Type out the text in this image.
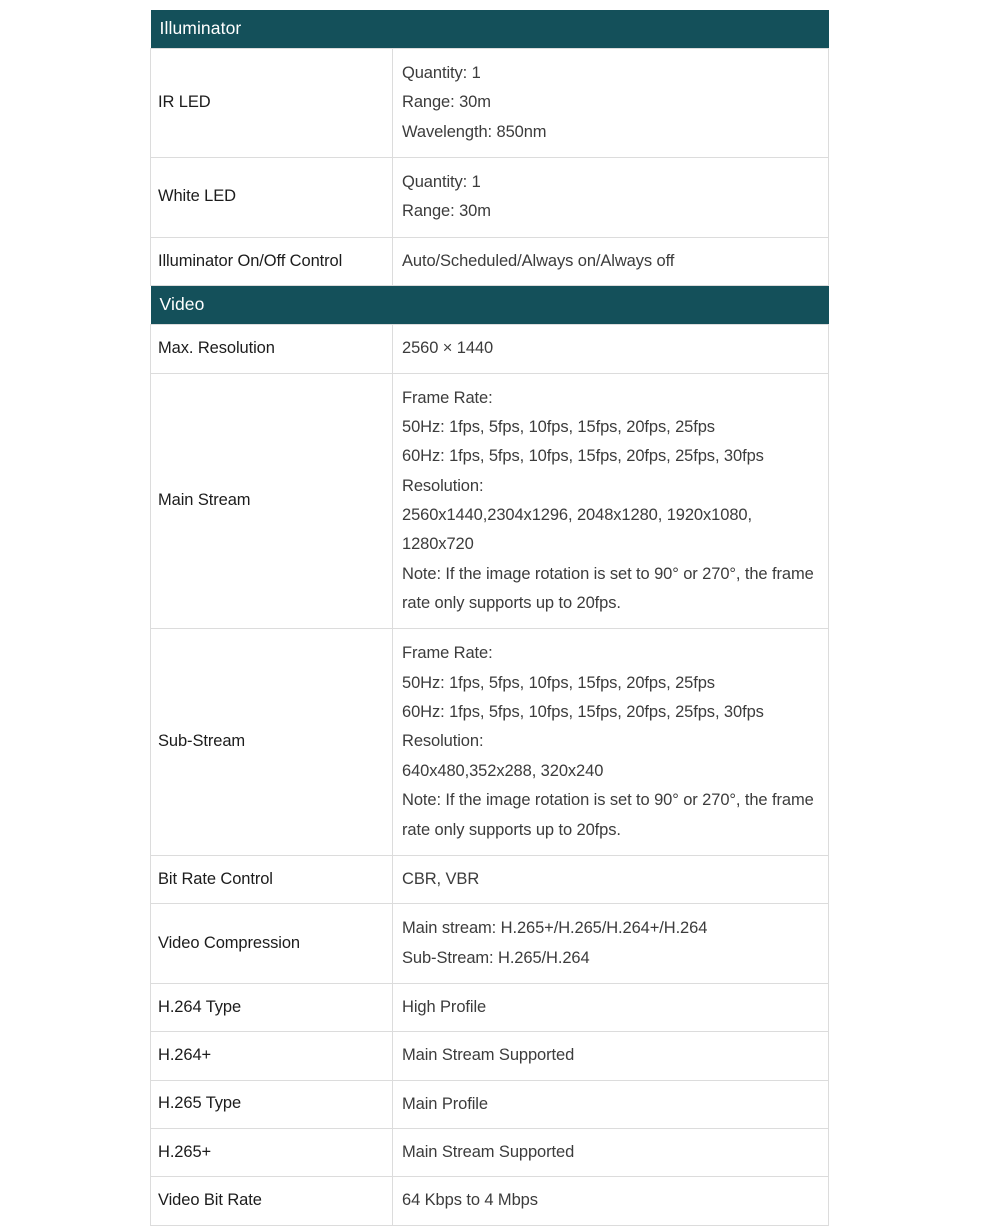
Illuminator	
IR LED	Quantity: 1
Range: 30m
Wavelength: 850nm

White LED	Quantity: 1
Range: 30m

Illuminator On/Off Control	Auto/Scheduled/Always on/Always off

Video	
Max. Resolution	2560 × 1440

Main Stream	
Frame Rate:
50Hz: 1fps, 5fps, 10fps, 15fps, 20fps, 25fps
60Hz: 1fps, 5fps, 10fps, 15fps, 20fps, 25fps, 30fps
Resolution:
2560x1440,2304x1296, 2048x1280, 1920x1080, 1280x720
Note: If the image rotation is set to 90° or 270°, the frame rate only supports up to 20fps.

Sub-Stream	
Frame Rate:
50Hz: 1fps, 5fps, 10fps, 15fps, 20fps, 25fps
60Hz: 1fps, 5fps, 10fps, 15fps, 20fps, 25fps, 30fps
Resolution:
640x480,352x288, 320x240
Note: If the image rotation is set to 90° or 270°, the frame rate only supports up to 20fps.

Bit Rate Control	CBR, VBR

Video Compression	Main stream: H.265+/H.265/H.264+/H.264
Sub-Stream: H.265/H.264

H.264 Type	High Profile

H.264+	Main Stream Supported

H.265 Type	Main Profile

H.265+	Main Stream Supported

Video Bit Rate	64 Kbps to 4 Mbps
